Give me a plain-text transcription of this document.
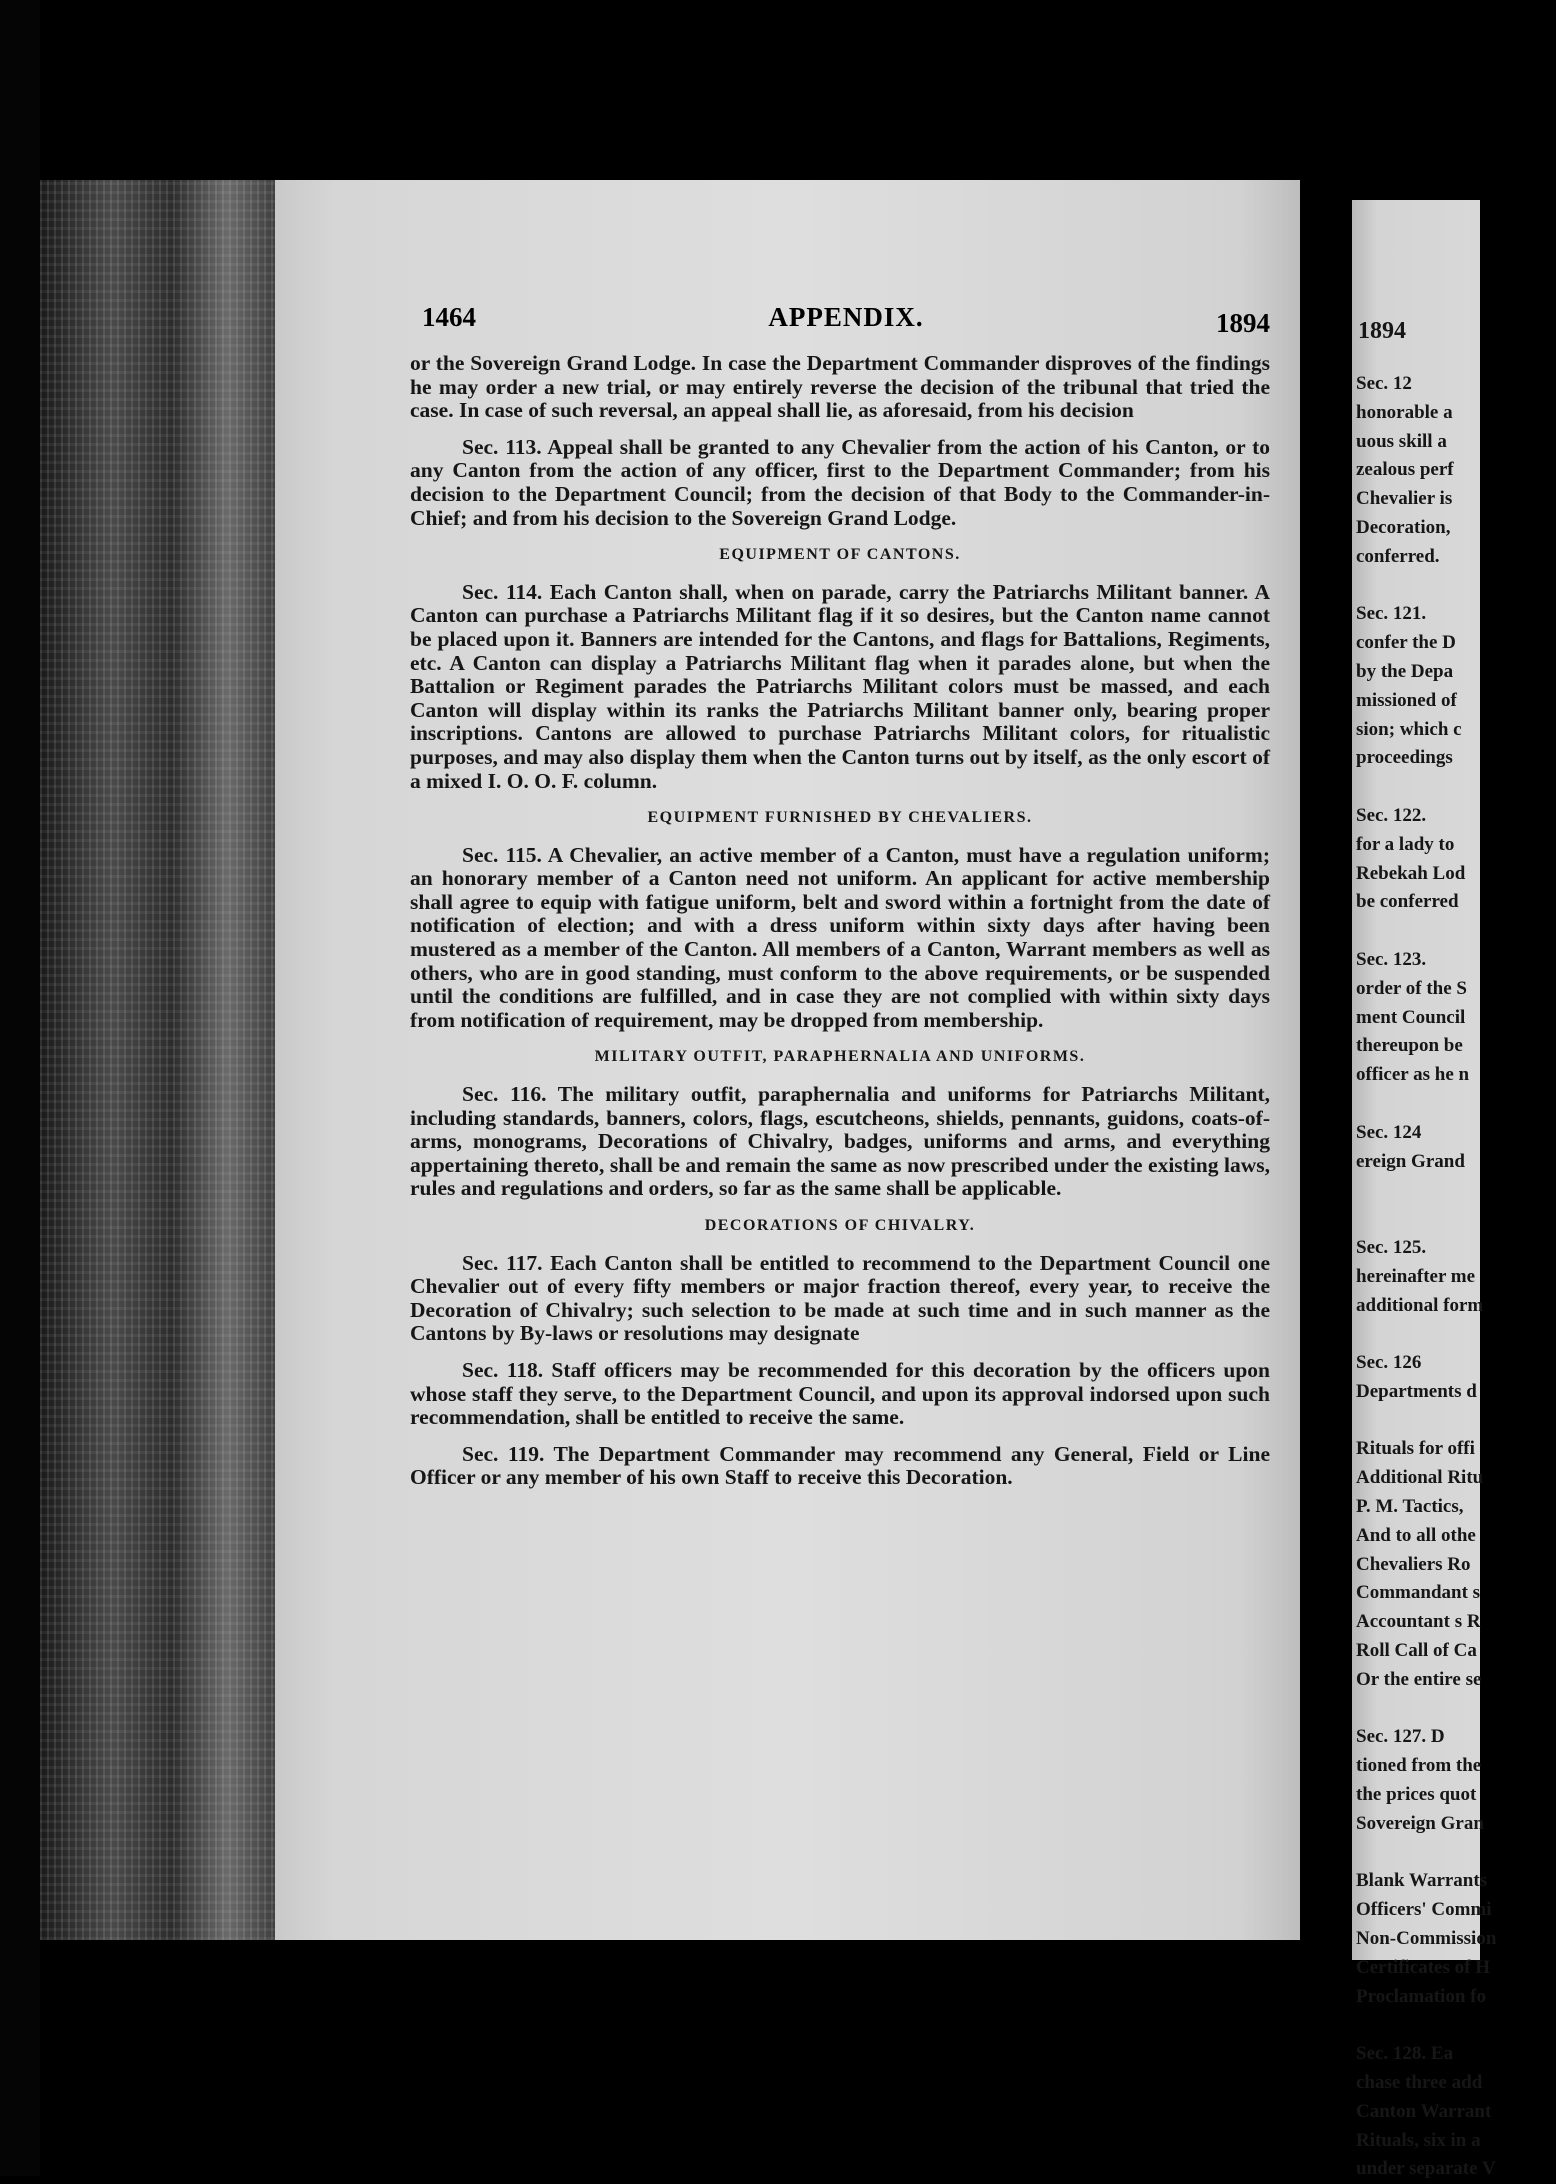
1464	APPENDIX.	1894

or the Sovereign Grand Lodge. In case the Department Commander disproves of the findings he may order a new trial, or may entirely reverse the decision of the tribunal that tried the case. In case of such reversal, an appeal shall lie, as aforesaid, from his decision

Sec. 113. Appeal shall be granted to any Chevalier from the action of his Canton, or to any Canton from the action of any officer, first to the Department Commander; from his decision to the Department Council; from the decision of that Body to the Commander-in-Chief; and from his decision to the Sovereign Grand Lodge.

EQUIPMENT OF CANTONS.

Sec. 114. Each Canton shall, when on parade, carry the Patriarchs Militant banner. A Canton can purchase a Patriarchs Militant flag if it so desires, but the Canton name cannot be placed upon it. Banners are intended for the Cantons, and flags for Battalions, Regiments, etc. A Canton can display a Patriarchs Militant flag when it parades alone, but when the Battalion or Regiment parades the Patriarchs Militant colors must be massed, and each Canton will display within its ranks the Patriarchs Militant banner only, bearing proper inscriptions. Cantons are allowed to purchase Patriarchs Militant colors, for ritualistic purposes, and may also display them when the Canton turns out by itself, as the only escort of a mixed I. O. O. F. column.

EQUIPMENT FURNISHED BY CHEVALIERS.

Sec. 115. A Chevalier, an active member of a Canton, must have a regulation uniform; an honorary member of a Canton need not uniform. An applicant for active membership shall agree to equip with fatigue uniform, belt and sword within a fortnight from the date of notification of election; and with a dress uniform within sixty days after having been mustered as a member of the Canton. All members of a Canton, Warrant members as well as others, who are in good standing, must conform to the above requirements, or be suspended until the conditions are fulfilled, and in case they are not complied with within sixty days from notification of requirement, may be dropped from membership.

MILITARY OUTFIT, PARAPHERNALIA AND UNIFORMS.

Sec. 116. The military outfit, paraphernalia and uniforms for Patriarchs Militant, including standards, banners, colors, flags, escutcheons, shields, pennants, guidons, coats-of-arms, monograms, Decorations of Chivalry, badges, uniforms and arms, and everything appertaining thereto, shall be and remain the same as now prescribed under the existing laws, rules and regulations and orders, so far as the same shall be applicable.

DECORATIONS OF CHIVALRY.

Sec. 117. Each Canton shall be entitled to recommend to the Department Council one Chevalier out of every fifty members or major fraction thereof, every year, to receive the Decoration of Chivalry; such selection to be made at such time and in such manner as the Cantons by By-laws or resolutions may designate

Sec. 118. Staff officers may be recommended for this decoration by the officers upon whose staff they serve, to the Department Council, and upon its approval indorsed upon such recommendation, shall be entitled to receive the same.

Sec. 119. The Department Commander may recommend any General, Field or Line Officer or any member of his own Staff to receive this Decoration.

1894
Sec. 12
honorable a
uous skill a
zealous perf
Chevalier is
Decoration,
conferred.
Sec. 121.
confer the D
by the Depa
missioned of
sion; which c
proceedings
Sec. 122.
for a lady to
Rebekah Lod
be conferred
Sec. 123.
order of the S
ment Council
thereupon be
officer as he n
Sec. 124
ereign Grand
Sec. 125.
hereinafter me
additional form
Sec. 126
Departments d
Rituals for offi
Additional Ritu
P. M. Tactics,
And to all othe
Chevaliers Ro
Commandant s
Accountant s R
Roll Call of Ca
Or the entire se
Sec. 127. D
tioned from the
the prices quot
Sovereign Gran
Blank Warrants
Officers' Commi
Non-Commission
Certificates of H
Proclamation fo
Sec. 128. Ea
chase three add
Canton Warrant
Rituals, six in a
under separate V
